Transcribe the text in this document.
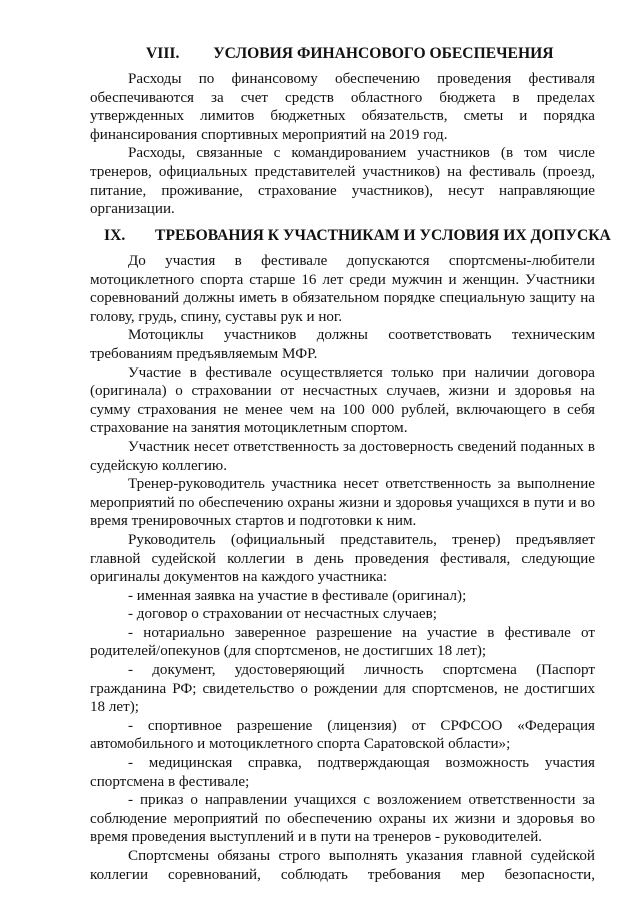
VIII. УСЛОВИЯ ФИНАНСОВОГО ОБЕСПЕЧЕНИЯ

Расходы по финансовому обеспечению проведения фестиваля обеспечиваются за счет средств областного бюджета в пределах утвержденных лимитов бюджетных обязательств, сметы и порядка финансирования спортивных мероприятий на 2019 год.

Расходы, связанные с командированием участников (в том числе тренеров, официальных представителей участников) на фестиваль (проезд, питание, проживание, страхование участников), несут направляющие организации.

IX. ТРЕБОВАНИЯ К УЧАСТНИКАМ И УСЛОВИЯ ИХ ДОПУСКА

До участия в фестивале допускаются спортсмены-любители мотоциклетного спорта старше 16 лет среди мужчин и женщин. Участники соревнований должны иметь в обязательном порядке специальную защиту на голову, грудь, спину, суставы рук и ног.

Мотоциклы участников должны соответствовать техническим требованиям предъявляемым МФР.

Участие в фестивале осуществляется только при наличии договора (оригинала) о страховании от несчастных случаев, жизни и здоровья на сумму страхования не менее чем на 100 000 рублей, включающего в себя страхование на занятия мотоциклетным спортом.

Участник несет ответственность за достоверность сведений поданных в судейскую коллегию.

Тренер-руководитель участника несет ответственность за выполнение мероприятий по обеспечению охраны жизни и здоровья учащихся в пути и во время тренировочных стартов и подготовки к ним.

Руководитель (официальный представитель, тренер) предъявляет главной судейской коллегии в день проведения фестиваля, следующие оригиналы документов на каждого участника:

- именная заявка на участие в фестивале (оригинал);

- договор о страховании от несчастных случаев;

- нотариально заверенное разрешение на участие в фестивале от родителей/опекунов (для спортсменов, не достигших 18 лет);

- документ, удостоверяющий личность спортсмена (Паспорт гражданина РФ; свидетельство о рождении для спортсменов, не достигших 18 лет);

- спортивное разрешение (лицензия) от СРФСОО «Федерация автомобильного и мотоциклетного спорта Саратовской области»;

- медицинская справка, подтверждающая возможность участия спортсмена в фестивале;

- приказ о направлении учащихся с возложением ответственности за соблюдение мероприятий по обеспечению охраны их жизни и здоровья во время проведения выступлений и в пути на тренеров - руководителей.

Спортсмены обязаны строго выполнять указания главной судейской коллегии соревнований, соблюдать требования мер безопасности,
